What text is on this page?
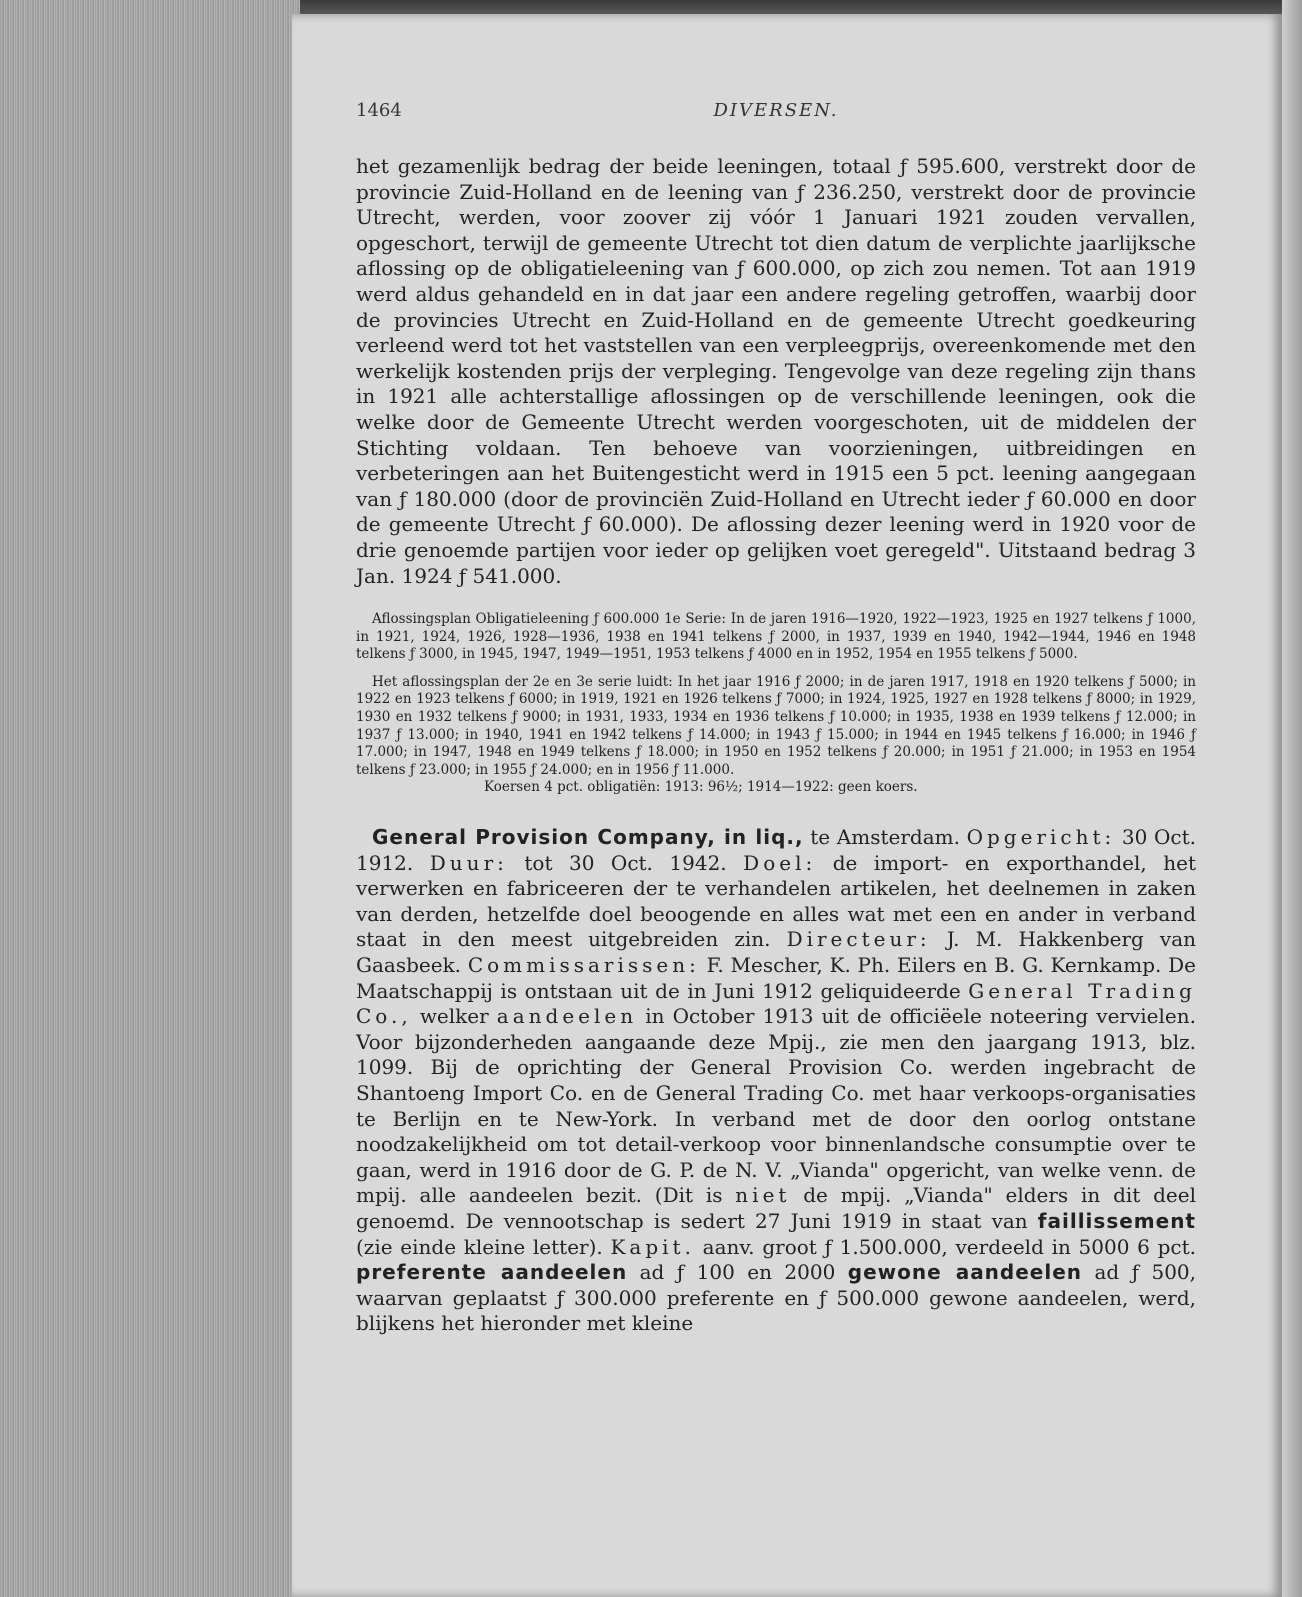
1464	DIVERSEN.

het gezamenlijk bedrag der beide leeningen, totaal ƒ 595.600, verstrekt door de provincie Zuid-Holland en de leening van ƒ 236.250, verstrekt door de provincie Utrecht, werden, voor zoover zij vóór 1 Januari 1921 zouden vervallen, opgeschort, terwijl de gemeente Utrecht tot dien datum de verplichte jaarlijksche aflossing op de obligatieleening van ƒ 600.000, op zich zou nemen. Tot aan 1919 werd aldus gehandeld en in dat jaar een andere regeling getroffen, waarbij door de provincies Utrecht en Zuid-Holland en de gemeente Utrecht goedkeuring verleend werd tot het vaststellen van een verpleegprijs, overeenkomende met den werkelijk kostenden prijs der verpleging. Tengevolge van deze regeling zijn thans in 1921 alle achterstallige aflossingen op de verschillende leeningen, ook die welke door de Gemeente Utrecht werden voorgeschoten, uit de middelen der Stichting voldaan. Ten behoeve van voorzieningen, uitbreidingen en verbeteringen aan het Buitengesticht werd in 1915 een 5 pct. leening aangegaan van ƒ 180.000 (door de provinciën Zuid-Holland en Utrecht ieder ƒ 60.000 en door de gemeente Utrecht ƒ 60.000). De aflossing dezer leening werd in 1920 voor de drie genoemde partijen voor ieder op gelijken voet geregeld". Uitstaand bedrag 3 Jan. 1924 ƒ 541.000.

Aflossingsplan Obligatieleening ƒ 600.000 1e Serie: In de jaren 1916—1920, 1922—1923, 1925 en 1927 telkens ƒ 1000, in 1921, 1924, 1926, 1928—1936, 1938 en 1941 telkens ƒ 2000, in 1937, 1939 en 1940, 1942—1944, 1946 en 1948 telkens ƒ 3000, in 1945, 1947, 1949—1951, 1953 telkens ƒ 4000 en in 1952, 1954 en 1955 telkens ƒ 5000.

Het aflossingsplan der 2e en 3e serie luidt: In het jaar 1916 ƒ 2000; in de jaren 1917, 1918 en 1920 telkens ƒ 5000; in 1922 en 1923 telkens ƒ 6000; in 1919, 1921 en 1926 telkens ƒ 7000; in 1924, 1925, 1927 en 1928 telkens ƒ 8000; in 1929, 1930 en 1932 telkens ƒ 9000; in 1931, 1933, 1934 en 1936 telkens ƒ 10.000; in 1935, 1938 en 1939 telkens ƒ 12.000; in 1937 ƒ 13.000; in 1940, 1941 en 1942 telkens ƒ 14.000; in 1943 ƒ 15.000; in 1944 en 1945 telkens ƒ 16.000; in 1946 ƒ 17.000; in 1947, 1948 en 1949 telkens ƒ 18.000; in 1950 en 1952 telkens ƒ 20.000; in 1951 ƒ 21.000; in 1953 en 1954 telkens ƒ 23.000; in 1955 ƒ 24.000; en in 1956 ƒ 11.000.

Koersen 4 pct. obligatiën: 1913: 96½; 1914—1922: geen koers.

General Provision Company, in liq., te Amsterdam. Opgericht: 30 Oct. 1912. Duur: tot 30 Oct. 1942. Doel: de import- en exporthandel, het verwerken en fabriceeren der te verhandelen artikelen, het deelnemen in zaken van derden, hetzelfde doel beoogende en alles wat met een en ander in verband staat in den meest uitgebreiden zin. Directeur: J. M. Hakkenberg van Gaasbeek. Commissarissen: F. Mescher, K. Ph. Eilers en B. G. Kernkamp. De Maatschappij is ontstaan uit de in Juni 1912 geliquideerde General Trading Co., welker aandeelen in October 1913 uit de officiëele noteering vervielen. Voor bijzonderheden aangaande deze Mpij., zie men den jaargang 1913, blz. 1099. Bij de oprichting der General Provision Co. werden ingebracht de Shantoeng Import Co. en de General Trading Co. met haar verkoops-organisaties te Berlijn en te New-York. In verband met de door den oorlog ontstane noodzakelijkheid om tot detail-verkoop voor binnenlandsche consumptie over te gaan, werd in 1916 door de G. P. de N. V. „Vianda" opgericht, van welke venn. de mpij. alle aandeelen bezit. (Dit is niet de mpij. „Vianda" elders in dit deel genoemd. De vennootschap is sedert 27 Juni 1919 in staat van faillissement (zie einde kleine letter). Kapit. aanv. groot ƒ 1.500.000, verdeeld in 5000 6 pct. preferente aandeelen ad ƒ 100 en 2000 gewone aandeelen ad ƒ 500, waarvan geplaatst ƒ 300.000 preferente en ƒ 500.000 gewone aandeelen, werd, blijkens het hieronder met kleine
